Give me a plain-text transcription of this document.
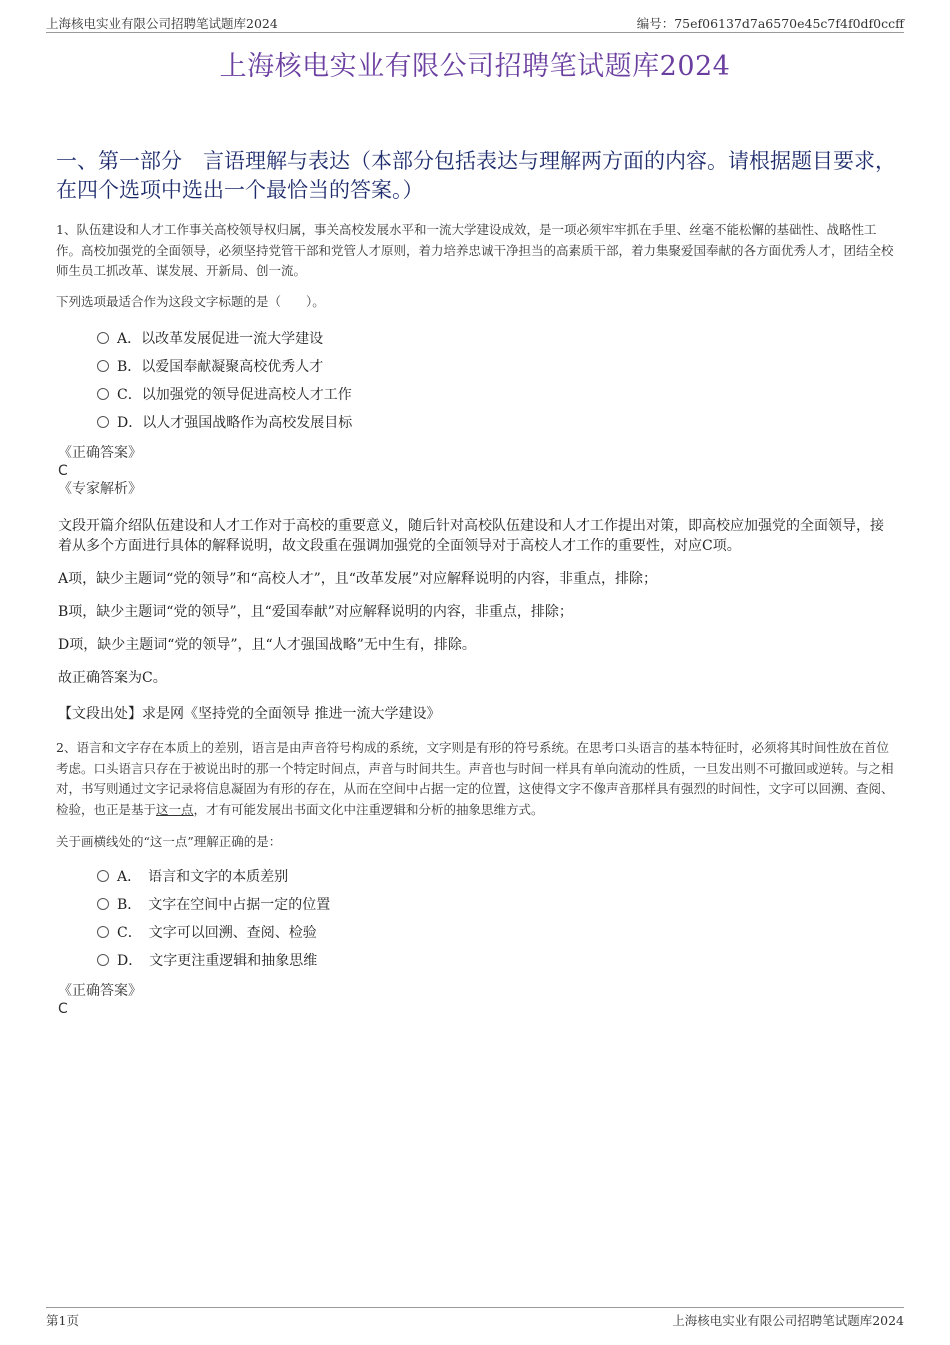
上海核电实业有限公司招聘笔试题库2024	编号：75ef06137d7a6570e45c7f4f0df0ccff
上海核电实业有限公司招聘笔试题库2024
一、第一部分　言语理解与表达（本部分包括表达与理解两方面的内容。请根据题目要求，在四个选项中选出一个最恰当的答案。）
1、队伍建设和人才工作事关高校领导权归属，事关高校发展水平和一流大学建设成效，是一项必须牢牢抓在手里、丝毫不能松懈的基础性、战略性工作。高校加强党的全面领导，必须坚持党管干部和党管人才原则，着力培养忠诚干净担当的高素质干部，着力集聚爱国奉献的各方面优秀人才，团结全校师生员工抓改革、谋发展、开新局、创一流。
下列选项最适合作为这段文字标题的是（　　）。
A．以改革发展促进一流大学建设
B．以爱国奉献凝聚高校优秀人才
C．以加强党的领导促进高校人才工作
D．以人才强国战略作为高校发展目标
《正确答案》
C
《专家解析》

文段开篇介绍队伍建设和人才工作对于高校的重要意义，随后针对高校队伍建设和人才工作提出对策，即高校应加强党的全面领导，接着从多个方面进行具体的解释说明，故文段重在强调加强党的全面领导对于高校人才工作的重要性，对应C项。

A项，缺少主题词“党的领导”和“高校人才”，且“改革发展”对应解释说明的内容，非重点，排除；

B项，缺少主题词“党的领导”，且“爱国奉献”对应解释说明的内容，非重点，排除；

D项，缺少主题词“党的领导”，且“人才强国战略”无中生有，排除。

故正确答案为C。

【文段出处】求是网《坚持党的全面领导 推进一流大学建设》
2、语言和文字存在本质上的差别，语言是由声音符号构成的系统，文字则是有形的符号系统。在思考口头语言的基本特征时，必须将其时间性放在首位考虑。口头语言只存在于被说出时的那一个特定时间点，声音与时间共生。声音也与时间一样具有单向流动的性质，一旦发出则不可撤回或逆转。与之相对，书写则通过文字记录将信息凝固为有形的存在，从而在空间中占据一定的位置，这使得文字不像声音那样具有强烈的时间性，文字可以回溯、查阅、检验，也正是基于这一点，才有可能发展出书面文化中注重逻辑和分析的抽象思维方式。
关于画横线处的“这一点”理解正确的是：
A．　语言和文字的本质差别
B．　文字在空间中占据一定的位置
C．　文字可以回溯、查阅、检验
D．　文字更注重逻辑和抽象思维
《正确答案》
C
第1页	上海核电实业有限公司招聘笔试题库2024
